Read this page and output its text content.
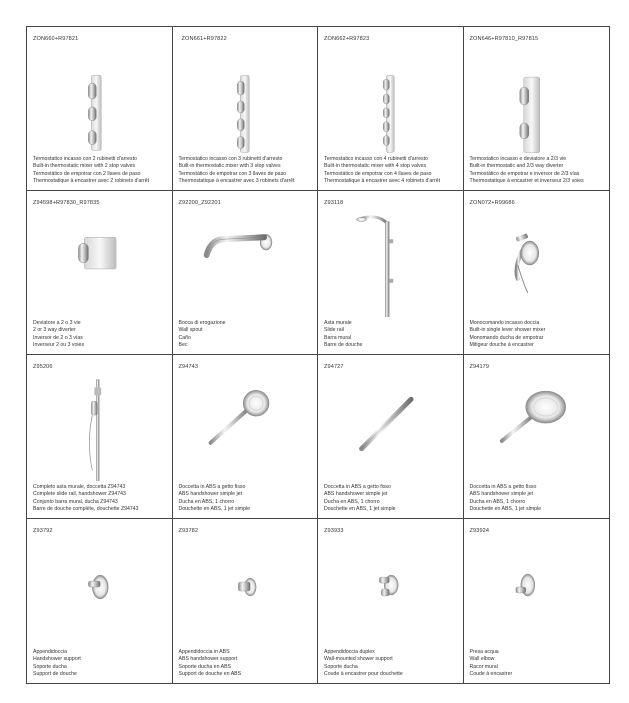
ZON660+R97821
Termostatico incasso con 2 rubinetti d'arresto
Built-in thermostatic mixer with 2 stop valves
Termostático de empotrar con 2 llaves de paso
Thermostatique à encastrer avec 2 robinets d'arrêt
ZON661+R97822
Termostatico incasso con 3 rubinetti d'arresto
Built-in thermostatic mixer with 3 stop valves
Termostático de empotrar con 3 llaves de paso
Thermostatique à encastrer avec 3 robinets d'arrêt
ZON662+R97823
Termostatico incasso con 4 rubinetti d'arresto
Built-in thermostatic mixer with 4 stop valves
Termostático de empotrar con 4 llaves de paso
Thermostatique à encastrer avec 4 robinets d'arrêt
ZON646+R97810_R97815
Termostatico incasso e deviatore a 2/3 vie
Built-in thermostatic and 2/3 way diverter
Termostático de empotrar e inversor de 2/3 vías
Thermostatique à encastrer et inverseur 2/3 voies
Z94598+R97830_R97835
Deviatore a 2 o 3 vie
2 or 3 way diverter
Inversor de 2 o 3 vías
Inverseur 2 ou 3 voies
Z92200_Z92201
Bocca di erogazione
Wall spout
Caño
Bec
Z93118
Asta murale
Slide rail
Barra mural
Barre de douche
ZON072+R99686
Monocomando incasso doccia
Built-in single lever shower mixer
Monomando ducha de empotrar
Mitigeur douche à encastrer
Z95206
Completo asta murale, doccetta Z94743
Complete slide rail, handshower Z94743
Conjunto barra mural, ducha Z94743
Barre de douche complète, douchette Z94743
Z94743
Doccetta in ABS a getto fisso
ABS handshower simple jet
Ducha en ABS, 1 chorro
Douchette en ABS, 1 jet simple
Z94727
Doccetta in ABS a getto fisso
ABS handshower simple jet
Ducha en ABS, 1 chorro
Douchette en ABS, 1 jet simple
Z94179
Doccetta in ABS a getto fisso
ABS handshower simple jet
Ducha en ABS, 1 chorro
Douchette en ABS, 1 jet simple
Z93792
Appendidoccia
Handshower support
Soporte ducha
Support de douche
Z93782
Appendidoccia in ABS
ABS handshower support
Soporte ducha en ABS
Support de douche en ABS
Z93933
Appendidoccia duplex
Wall-mounted shower support
Soporte ducha
Coude à encastrer pour douchette
Z93924
Presa acqua
Wall elbow
Racor mural
Coude à encastrer
